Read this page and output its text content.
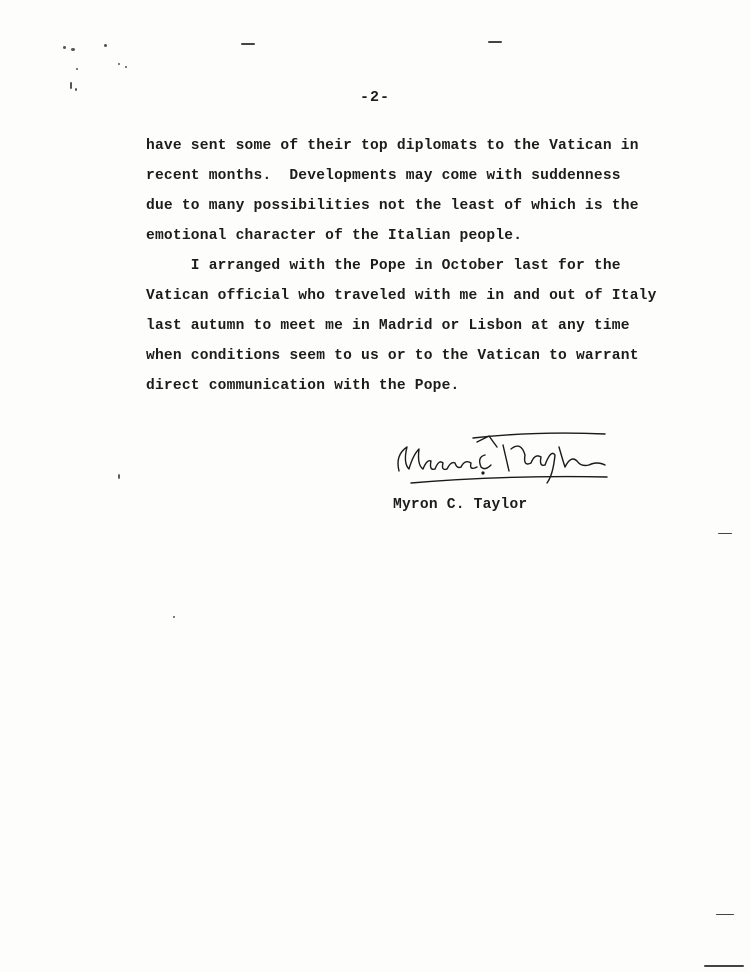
-2-
have sent some of their top diplomats to the Vatican in
recent months.  Developments may come with suddenness
due to many possibilities not the least of which is the
emotional character of the Italian people.
I arranged with the Pope in October last for the
Vatican official who traveled with me in and out of Italy
last autumn to meet me in Madrid or Lisbon at any time
when conditions seem to us or to the Vatican to warrant
direct communication with the Pope.
Myron C. Taylor
